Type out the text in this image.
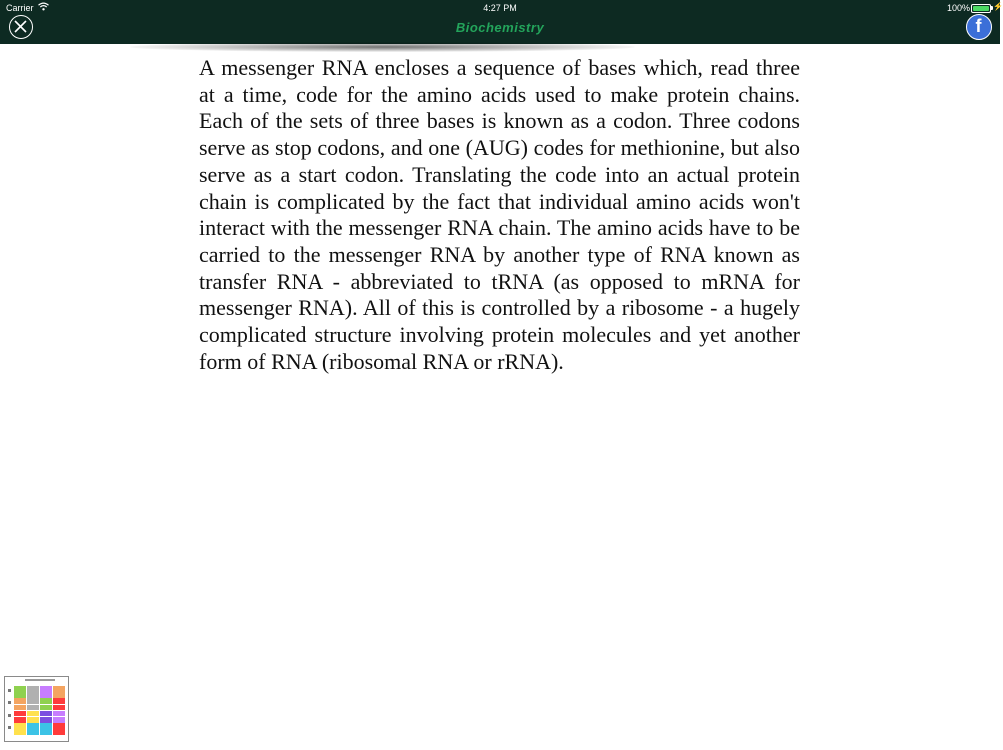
Carrier	4:27 PM	100%	⚡
Biochemistry	f
A messenger RNA encloses a sequence of bases which, read three at a time, code for the amino acids used to make protein chains. Each of the sets of three bases is known as a codon. Three codons serve as stop codons, and one (AUG) codes for methionine, but also serve as a start codon. Translating the code into an actual protein chain is complicated by the fact that individual amino acids won't interact with the messenger RNA chain. The amino acids have to be carried to the messenger RNA by another type of RNA known as transfer RNA - abbreviated to tRNA (as opposed to mRNA for messenger RNA). All of this is controlled by a ribosome - a hugely complicated structure involving protein molecules and yet another form of RNA (ribosomal RNA or rRNA).
